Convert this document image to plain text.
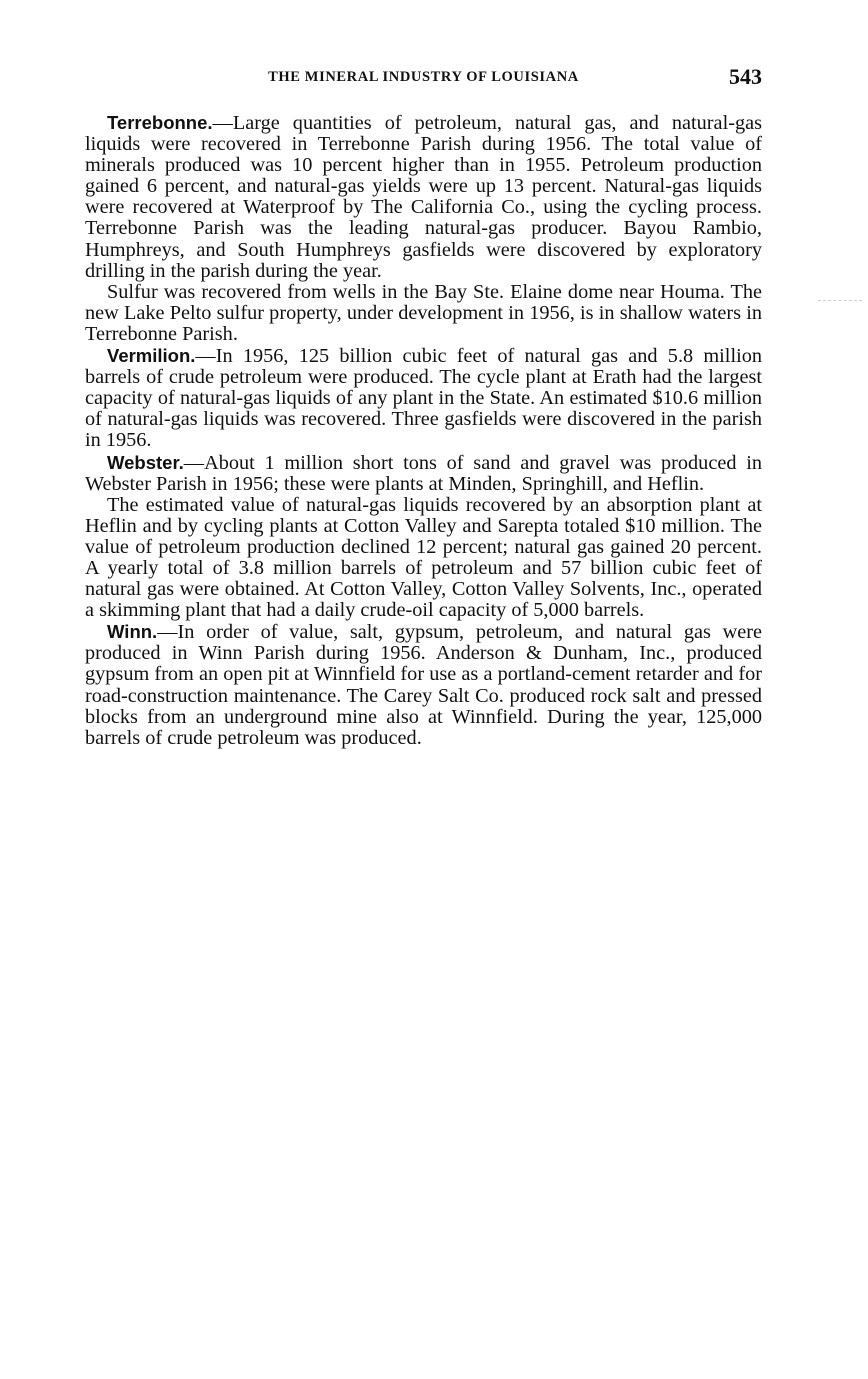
THE MINERAL INDUSTRY OF LOUISIANA	543

Terrebonne.—Large quantities of petroleum, natural gas, and natural-gas liquids were recovered in Terrebonne Parish during 1956. The total value of minerals produced was 10 percent higher than in 1955. Petroleum production gained 6 percent, and natural-gas yields were up 13 percent. Natural-gas liquids were recovered at Waterproof by The California Co., using the cycling process. Terrebonne Parish was the leading natural-gas producer. Bayou Rambio, Humphreys, and South Humphreys gasfields were discovered by exploratory drilling in the parish during the year.

Sulfur was recovered from wells in the Bay Ste. Elaine dome near Houma. The new Lake Pelto sulfur property, under development in 1956, is in shallow waters in Terrebonne Parish.

Vermilion.—In 1956, 125 billion cubic feet of natural gas and 5.8 million barrels of crude petroleum were produced. The cycle plant at Erath had the largest capacity of natural-gas liquids of any plant in the State. An estimated $10.6 million of natural-gas liquids was recovered. Three gasfields were discovered in the parish in 1956.

Webster.—About 1 million short tons of sand and gravel was produced in Webster Parish in 1956; these were plants at Minden, Springhill, and Heflin.

The estimated value of natural-gas liquids recovered by an absorption plant at Heflin and by cycling plants at Cotton Valley and Sarepta totaled $10 million. The value of petroleum production declined 12 percent; natural gas gained 20 percent. A yearly total of 3.8 million barrels of petroleum and 57 billion cubic feet of natural gas were obtained. At Cotton Valley, Cotton Valley Solvents, Inc., operated a skimming plant that had a daily crude-oil capacity of 5,000 barrels.

Winn.—In order of value, salt, gypsum, petroleum, and natural gas were produced in Winn Parish during 1956. Anderson & Dunham, Inc., produced gypsum from an open pit at Winnfield for use as a portland-cement retarder and for road-construction maintenance. The Carey Salt Co. produced rock salt and pressed blocks from an underground mine also at Winnfield. During the year, 125,000 barrels of crude petroleum was produced.
